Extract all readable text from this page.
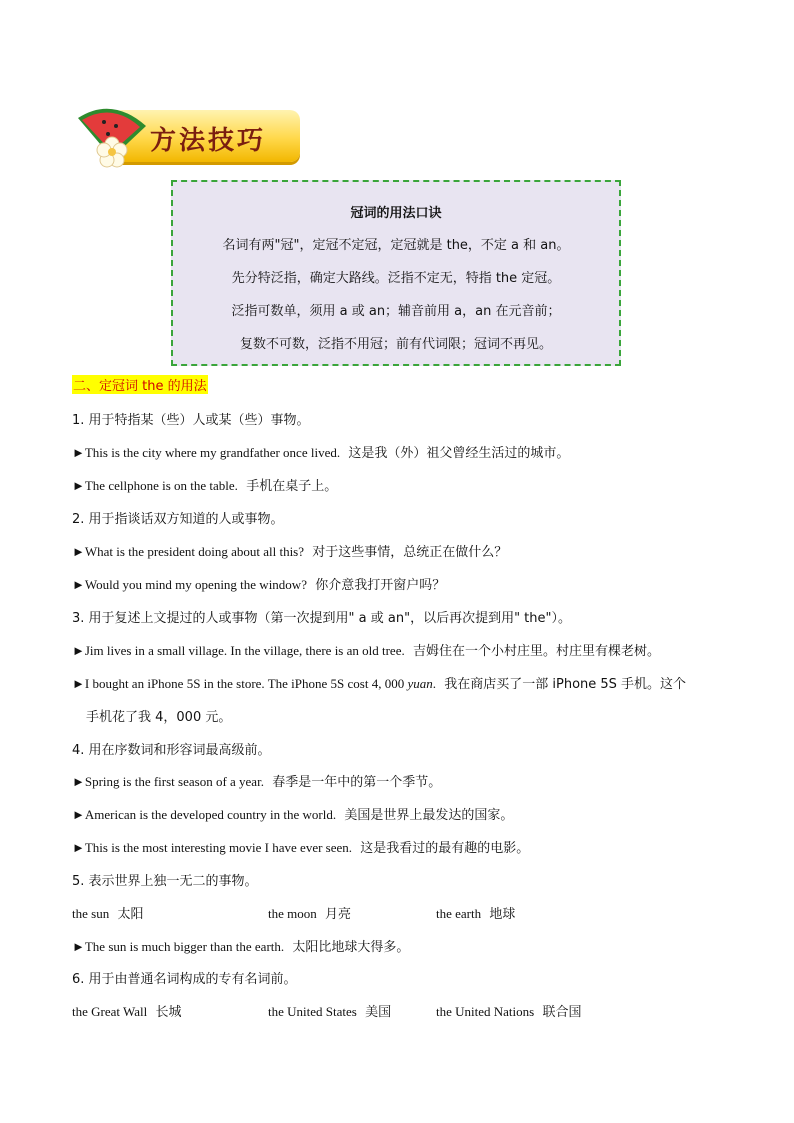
方法技巧
冠词的用法口诀
名词有两"冠"，定冠不定冠，定冠就是 the，不定 a 和 an。
先分特泛指，确定大路线。泛指不定无，特指 the 定冠。
泛指可数单，须用 a 或 an；辅音前用 a，an 在元音前；
复数不可数，泛指不用冠；前有代词限；冠词不再见。
二、定冠词 the 的用法
1. 用于特指某（些）人或某（些）事物。
►This is the city where my grandfather once lived. 这是我（外）祖父曾经生活过的城市。
►The cellphone is on the table. 手机在桌子上。
2. 用于指谈话双方知道的人或事物。
►What is the president doing about all this? 对于这些事情，总统正在做什么？
►Would you mind my opening the window? 你介意我打开窗户吗？
3. 用于复述上文提过的人或事物（第一次提到用" a 或 an"，以后再次提到用" the"）。
►Jim lives in a small village. In the village, there is an old tree. 吉姆住在一个小村庄里。村庄里有棵老树。
►I bought an iPhone 5S in the store. The iPhone 5S cost 4, 000 yuan. 我在商店买了一部 iPhone 5S 手机。这个
手机花了我 4，000 元。
4. 用在序数词和形容词最高级前。
►Spring is the first season of a year. 春季是一年中的第一个季节。
►American is the developed country in the world. 美国是世界上最发达的国家。
►This is the most interesting movie I have ever seen. 这是我看过的最有趣的电影。
5. 表示世界上独一无二的事物。
the sun 太阳	the moon 月亮	the earth 地球
►The sun is much bigger than the earth. 太阳比地球大得多。
6. 用于由普通名词构成的专有名词前。
the Great Wall 长城	the United States 美国	the United Nations 联合国
